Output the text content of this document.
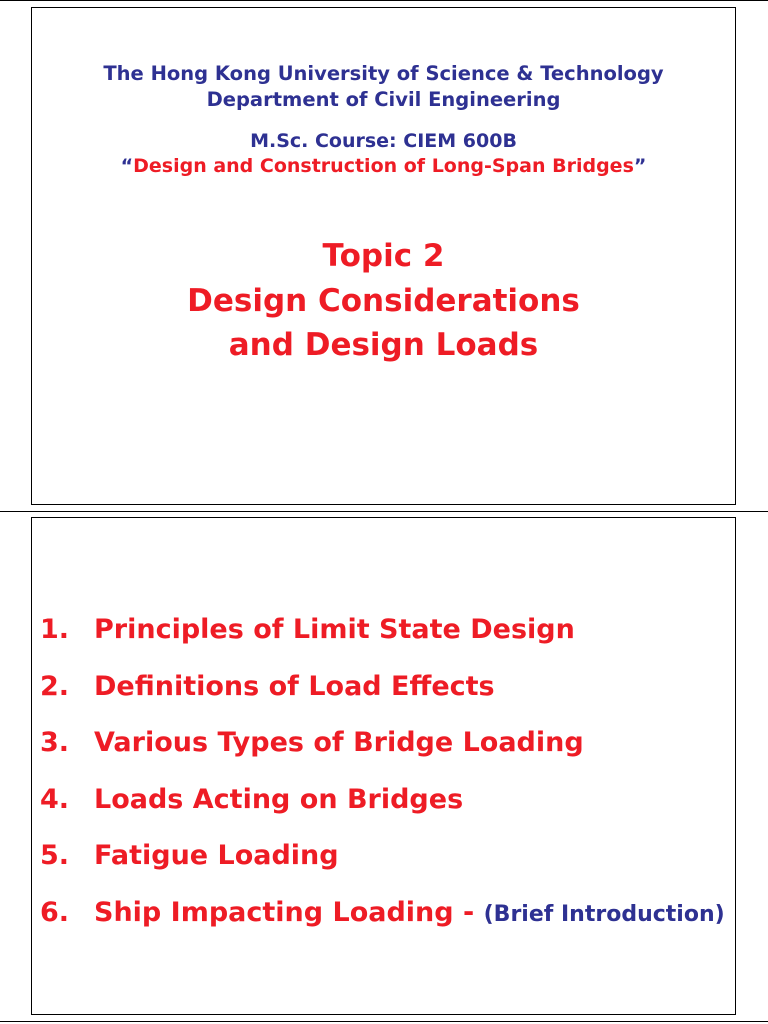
The Hong Kong University of Science & Technology

Department of Civil Engineering

M.Sc. Course: CIEM 600B

“Design and Construction of Long-Span Bridges”

Topic 2

Design Considerations

and Design Loads

1. Principles of Limit State Design
2. Definitions of Load Effects
3. Various Types of Bridge Loading
4. Loads Acting on Bridges
5. Fatigue Loading
6. Ship Impacting Loading - (Brief Introduction)
